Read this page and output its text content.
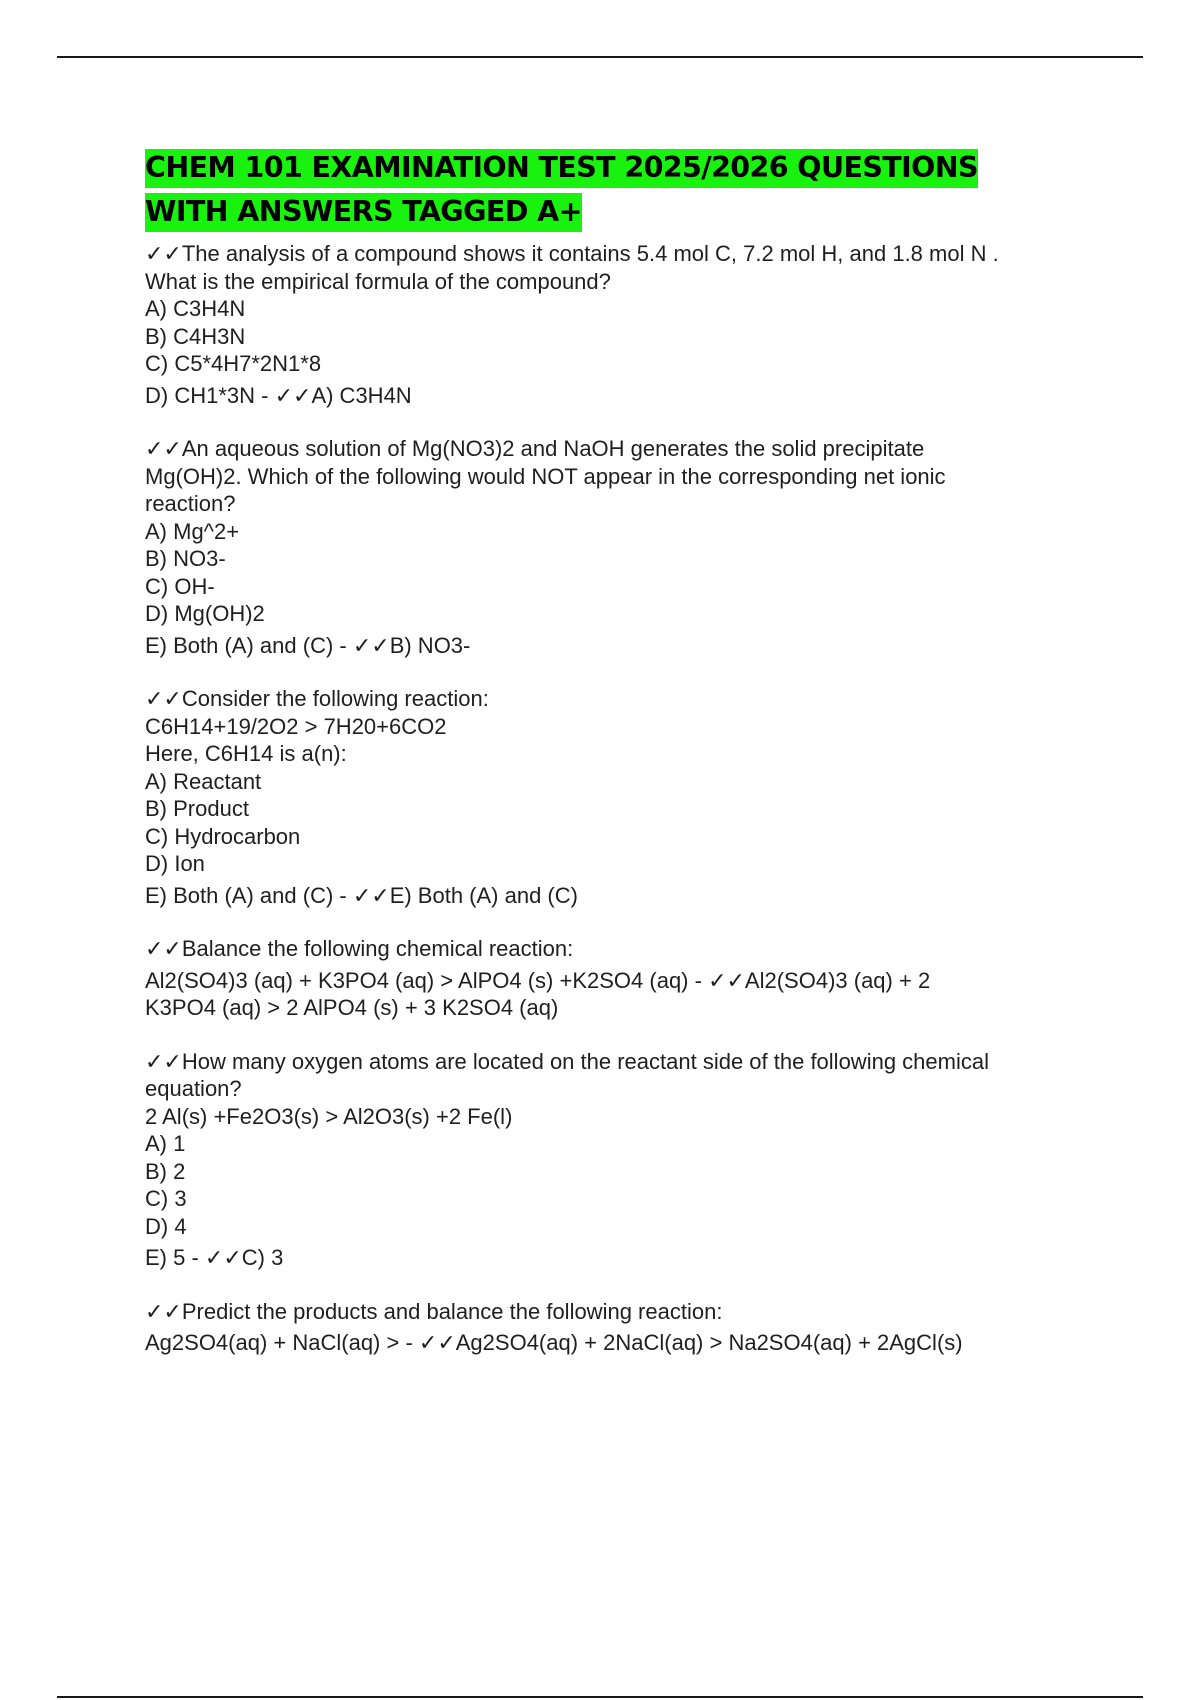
CHEM 101 EXAMINATION TEST 2025/2026 QUESTIONS
WITH ANSWERS TAGGED A+
✓✓The analysis of a compound shows it contains 5.4 mol C, 7.2 mol H, and 1.8 mol N .
What is the empirical formula of the compound?
A) C3H4N
B) C4H3N
C) C5*4H7*2N1*8
D) CH1*3N - ✓✓A) C3H4N
✓✓An aqueous solution of Mg(NO3)2 and NaOH generates the solid precipitate
Mg(OH)2. Which of the following would NOT appear in the corresponding net ionic
reaction?
A) Mg^2+
B) NO3-
C) OH-
D) Mg(OH)2
E) Both (A) and (C) - ✓✓B) NO3-
✓✓Consider the following reaction:
C6H14+19/2O2 > 7H20+6CO2
Here, C6H14 is a(n):
A) Reactant
B) Product
C) Hydrocarbon
D) Ion
E) Both (A) and (C) - ✓✓E) Both (A) and (C)
✓✓Balance the following chemical reaction:
Al2(SO4)3 (aq) + K3PO4 (aq) > AlPO4 (s) +K2SO4 (aq) - ✓✓Al2(SO4)3 (aq) + 2
K3PO4 (aq) > 2 AlPO4 (s) + 3 K2SO4 (aq)
✓✓How many oxygen atoms are located on the reactant side of the following chemical
equation?
2 Al(s) +Fe2O3(s) > Al2O3(s) +2 Fe(l)
A) 1
B) 2
C) 3
D) 4
E) 5 - ✓✓C) 3
✓✓Predict the products and balance the following reaction:
Ag2SO4(aq) + NaCl(aq) > - ✓✓Ag2SO4(aq) + 2NaCl(aq) > Na2SO4(aq) + 2AgCl(s)
